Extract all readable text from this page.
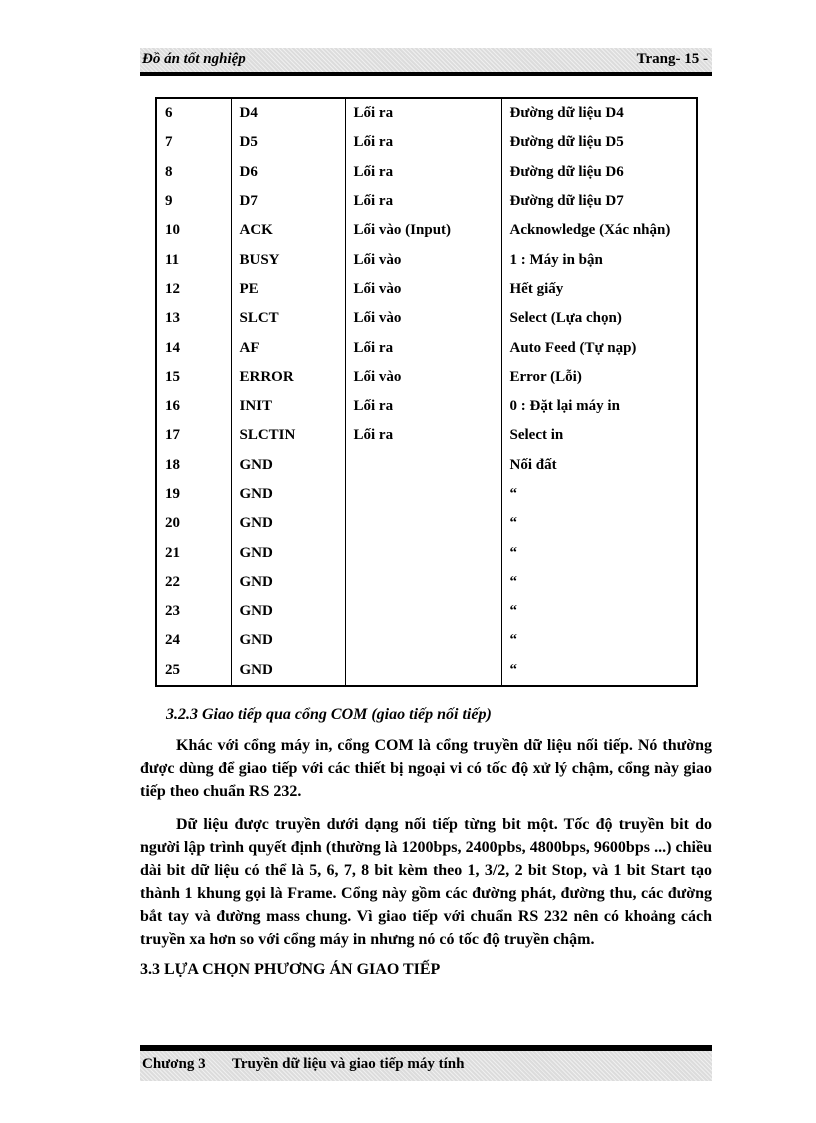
Đồ án tốt nghiệp	Trang- 15 -
6	D4	Lối ra	Đường dữ liệu D4
7	D5	Lối ra	Đường dữ liệu D5
8	D6	Lối ra	Đường dữ liệu D6
9	D7	Lối ra	Đường dữ liệu D7
10	ACK	Lối vào (Input)	Acknowledge (Xác nhận)
11	BUSY	Lối vào	1 : Máy in bận
12	PE	Lối vào	Hết giấy
13	SLCT	Lối vào	Select (Lựa chọn)
14	AF	Lối ra	Auto Feed (Tự nạp)
15	ERROR	Lối vào	Error (Lỗi)
16	INIT	Lối ra	0 : Đặt lại máy in
17	SLCTIN	Lối ra	Select in
18	GND		Nối đất
19	GND		“
20	GND		“
21	GND		“
22	GND		“
23	GND		“
24	GND		“
25	GND		“
3.2.3 Giao tiếp qua cổng COM (giao tiếp nối tiếp)

Khác với cổng máy in, cổng COM là cổng truyền dữ liệu nối tiếp. Nó thường được dùng để giao tiếp với các thiết bị ngoại vi có tốc độ xử lý chậm, cổng này giao tiếp theo chuẩn RS 232.

Dữ liệu được truyền dưới dạng nối tiếp từng bit một. Tốc độ truyền bit do người lập trình quyết định (thường là 1200bps, 2400pbs, 4800bps, 9600bps ...) chiều dài bit dữ liệu có thể là 5, 6, 7, 8 bit kèm theo 1, 3/2, 2 bit Stop, và 1 bit Start tạo thành 1 khung gọi là Frame. Cổng này gồm các đường phát, đường thu, các đường bắt tay và đường mass chung. Vì giao tiếp với chuẩn RS 232 nên có khoảng cách truyền xa hơn so với cổng máy in nhưng nó có tốc độ truyền chậm.

3.3 LỰA CHỌN PHƯƠNG ÁN GIAO TIẾP
Chương 3 Truyền dữ liệu và giao tiếp máy tính
